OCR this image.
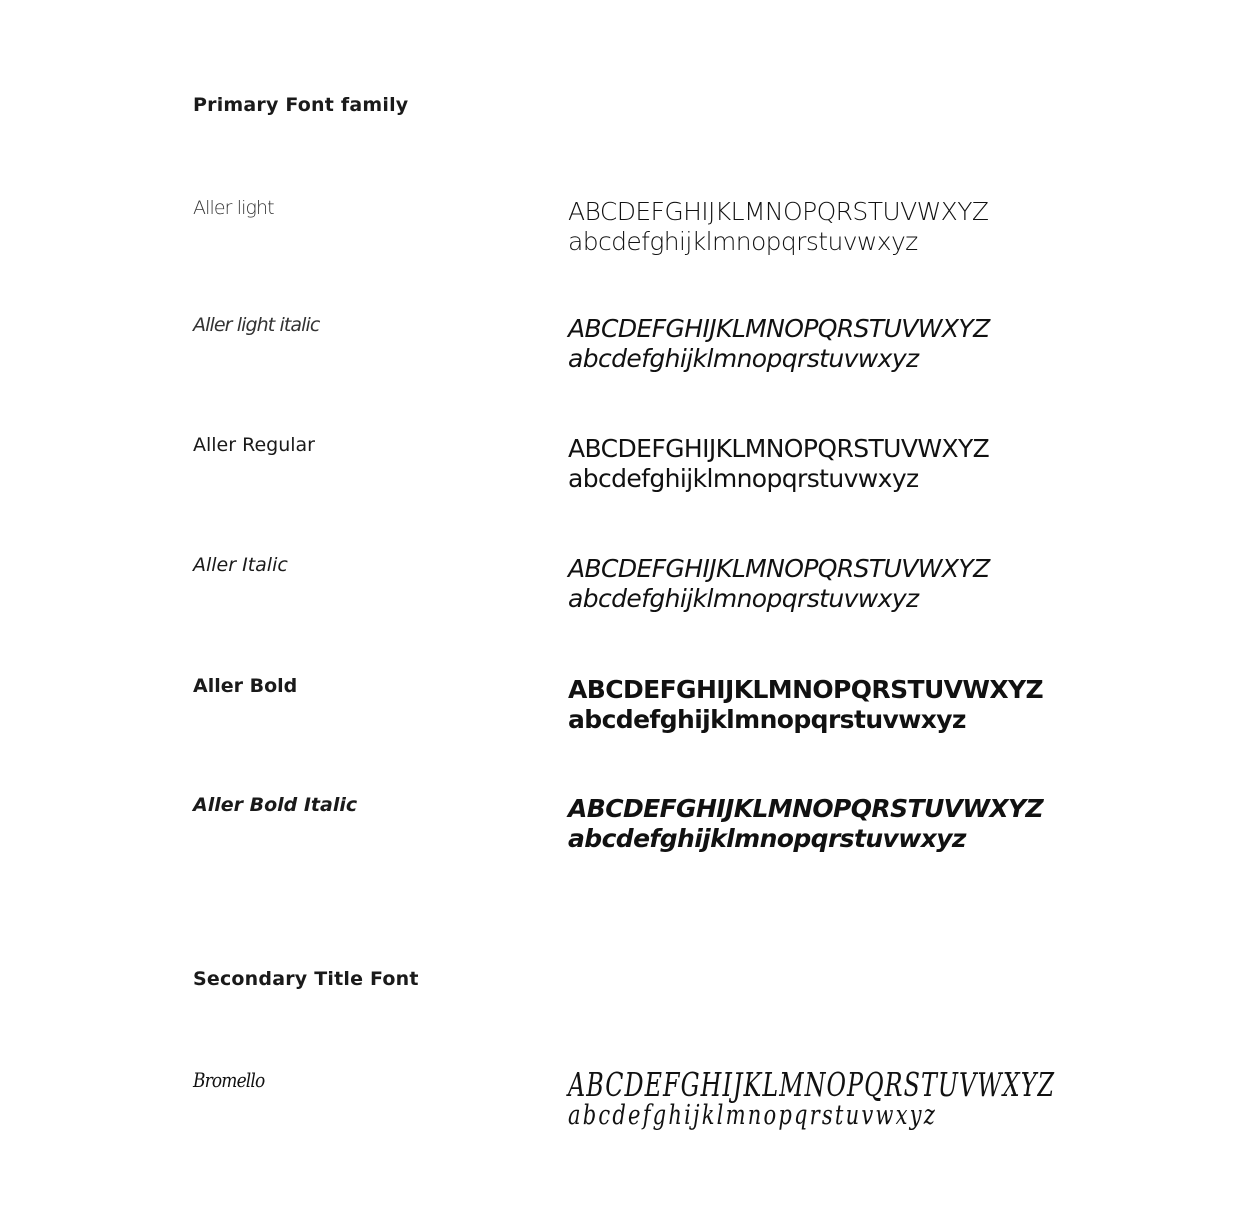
Primary Font family
Aller light	ABCDEFGHIJKLMNOPQRSTUVWXYZ
abcdefghijklmnopqrstuvwxyz
Aller light italic	ABCDEFGHIJKLMNOPQRSTUVWXYZ
abcdefghijklmnopqrstuvwxyz
Aller Regular	ABCDEFGHIJKLMNOPQRSTUVWXYZ
abcdefghijklmnopqrstuvwxyz
Aller Italic	ABCDEFGHIJKLMNOPQRSTUVWXYZ
abcdefghijklmnopqrstuvwxyz
Aller Bold	ABCDEFGHIJKLMNOPQRSTUVWXYZ
abcdefghijklmnopqrstuvwxyz
Aller Bold Italic	ABCDEFGHIJKLMNOPQRSTUVWXYZ
abcdefghijklmnopqrstuvwxyz
Secondary Title Font
Bromello	ABCDEFGHIJKLMNOPQRSTUVWXYZ
abcdefghijklmnopqrstuvwxyz
